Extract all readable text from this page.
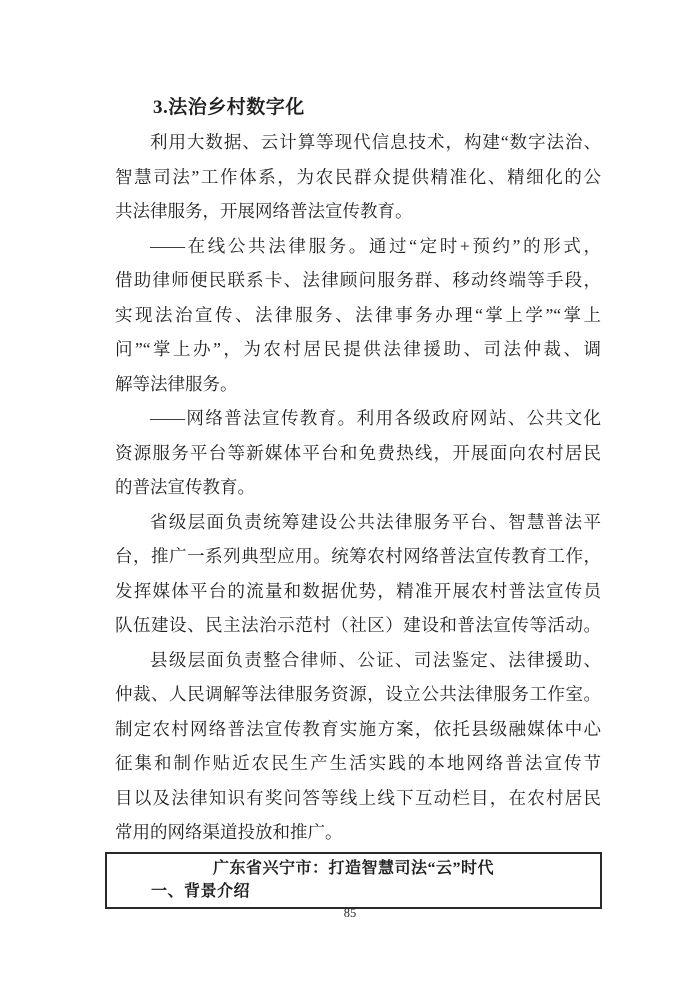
3.法治乡村数字化
利用大数据、云计算等现代信息技术，构建“数字法治、
智慧司法”工作体系，为农民群众提供精准化、精细化的公
共法律服务，开展网络普法宣传教育。
——在线公共法律服务。通过“定时+预约”的形式，
借助律师便民联系卡、法律顾问服务群、移动终端等手段，
实现法治宣传、法律服务、法律事务办理“掌上学”“掌上
问”“掌上办”，为农村居民提供法律援助、司法仲裁、调
解等法律服务。
——网络普法宣传教育。利用各级政府网站、公共文化
资源服务平台等新媒体平台和免费热线，开展面向农村居民
的普法宣传教育。
省级层面负责统筹建设公共法律服务平台、智慧普法平
台，推广一系列典型应用。统筹农村网络普法宣传教育工作，
发挥媒体平台的流量和数据优势，精准开展农村普法宣传员
队伍建设、民主法治示范村（社区）建设和普法宣传等活动。
县级层面负责整合律师、公证、司法鉴定、法律援助、
仲裁、人民调解等法律服务资源，设立公共法律服务工作室。
制定农村网络普法宣传教育实施方案，依托县级融媒体中心
征集和制作贴近农民生产生活实践的本地网络普法宣传节
目以及法律知识有奖问答等线上线下互动栏目，在农村居民
常用的网络渠道投放和推广。
广东省兴宁市：打造智慧司法“云”时代
一、背景介绍
85
